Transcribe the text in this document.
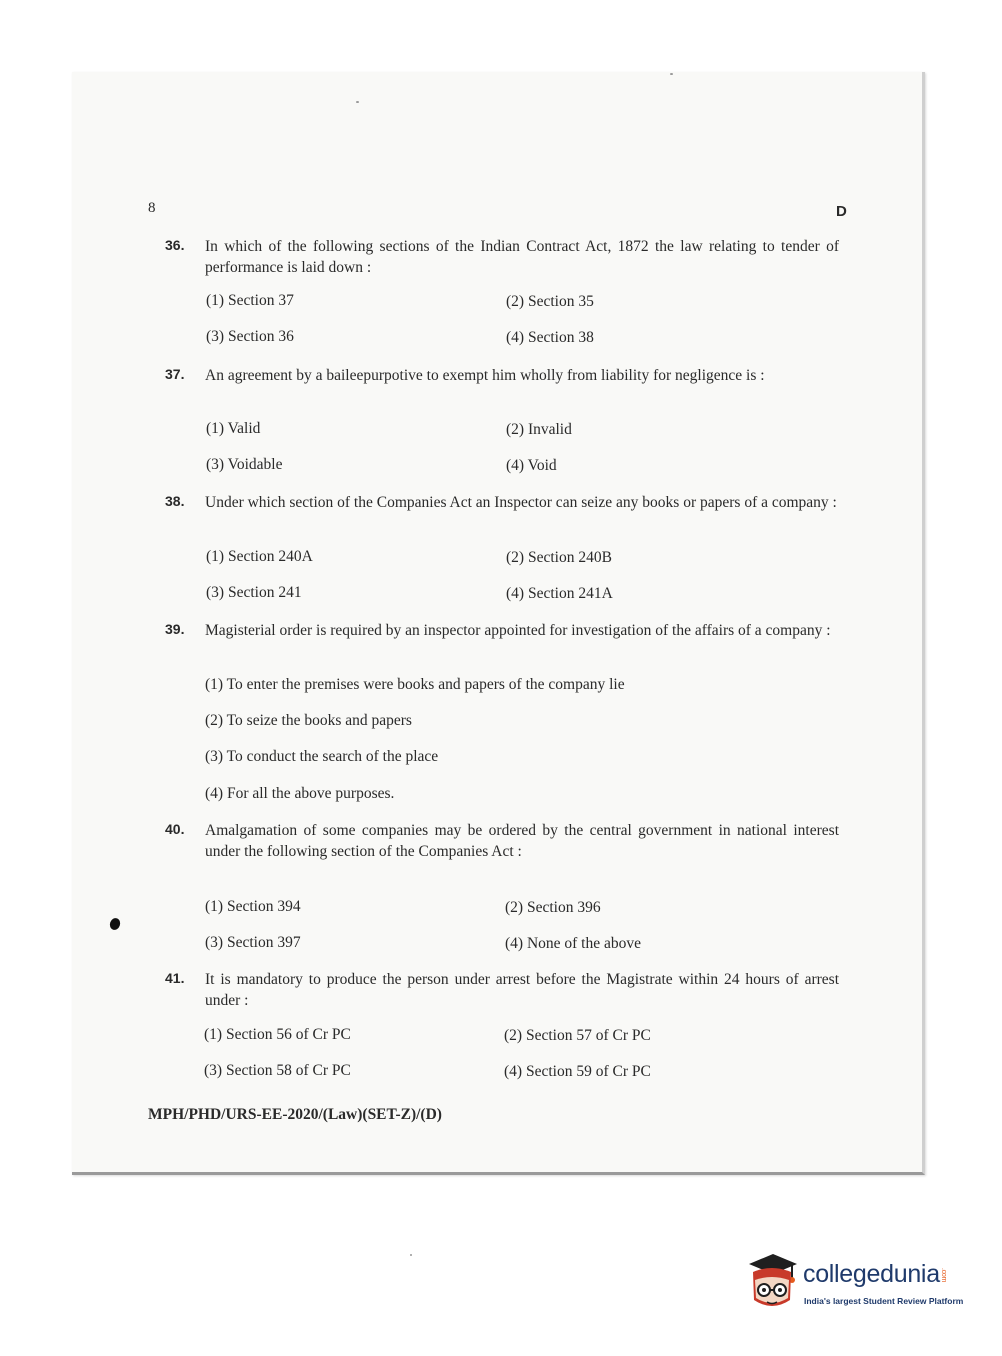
8	D
36.	In which of the following sections of the Indian Contract Act, 1872 the law relating to tender of performance is laid down :
(1) Section 37	(2) Section 35
(3) Section 36	(4) Section 38
37.	An agreement by a baileepurpotive to exempt him wholly from liability for negligence is :
(1) Valid	(2) Invalid
(3) Voidable	(4) Void
38.	Under which section of the Companies Act an Inspector can seize any books or papers of a company :
(1) Section 240A	(2) Section 240B
(3) Section 241	(4) Section 241A
39.	Magisterial order is required by an inspector appointed for investigation of the affairs of a company :
(1) To enter the premises were books and papers of the company lie
(2) To seize the books and papers
(3) To conduct the search of the place
(4) For all the above purposes.
40.	Amalgamation of some companies may be ordered by the central government in national interest under the following section of the Companies Act :
(1) Section 394	(2) Section 396
(3) Section 397	(4) None of the above
41.	It is mandatory to produce the person under arrest before the Magistrate within 24 hours of arrest under :
(1) Section 56 of Cr PC	(2) Section 57 of Cr PC
(3) Section 58 of Cr PC	(4) Section 59 of Cr PC
MPH/PHD/URS-EE-2020/(Law)(SET-Z)/(D)
collegedunia.com
India's largest Student Review Platform
